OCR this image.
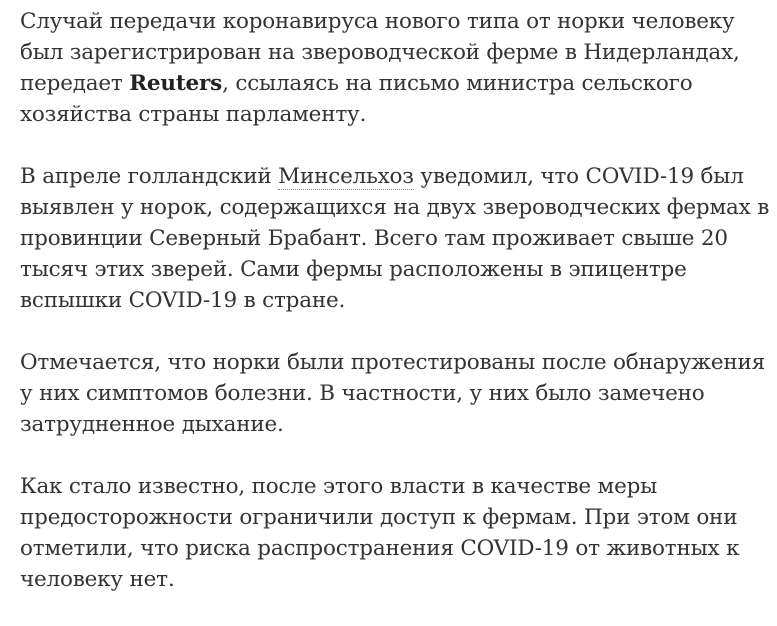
Случай передачи коронавируса нового типа от норки человеку был зарегистрирован на звероводческой ферме в Нидерландах, передает Reuters, ссылаясь на письмо министра сельского хозяйства страны парламенту.

В апреле голландский Минсельхоз уведомил, что COVID-19 был выявлен у норок, содержащихся на двух звероводческих фермах в провинции Северный Брабант. Всего там проживает свыше 20 тысяч этих зверей. Сами фермы расположены в эпицентре вспышки COVID-19 в стране.

Отмечается, что норки были протестированы после обнаружения у них симптомов болезни. В частности, у них было замечено затрудненное дыхание.

Как стало известно, после этого власти в качестве меры предосторожности ограничили доступ к фермам. При этом они отметили, что риска распространения COVID-19 от животных к человеку нет.
